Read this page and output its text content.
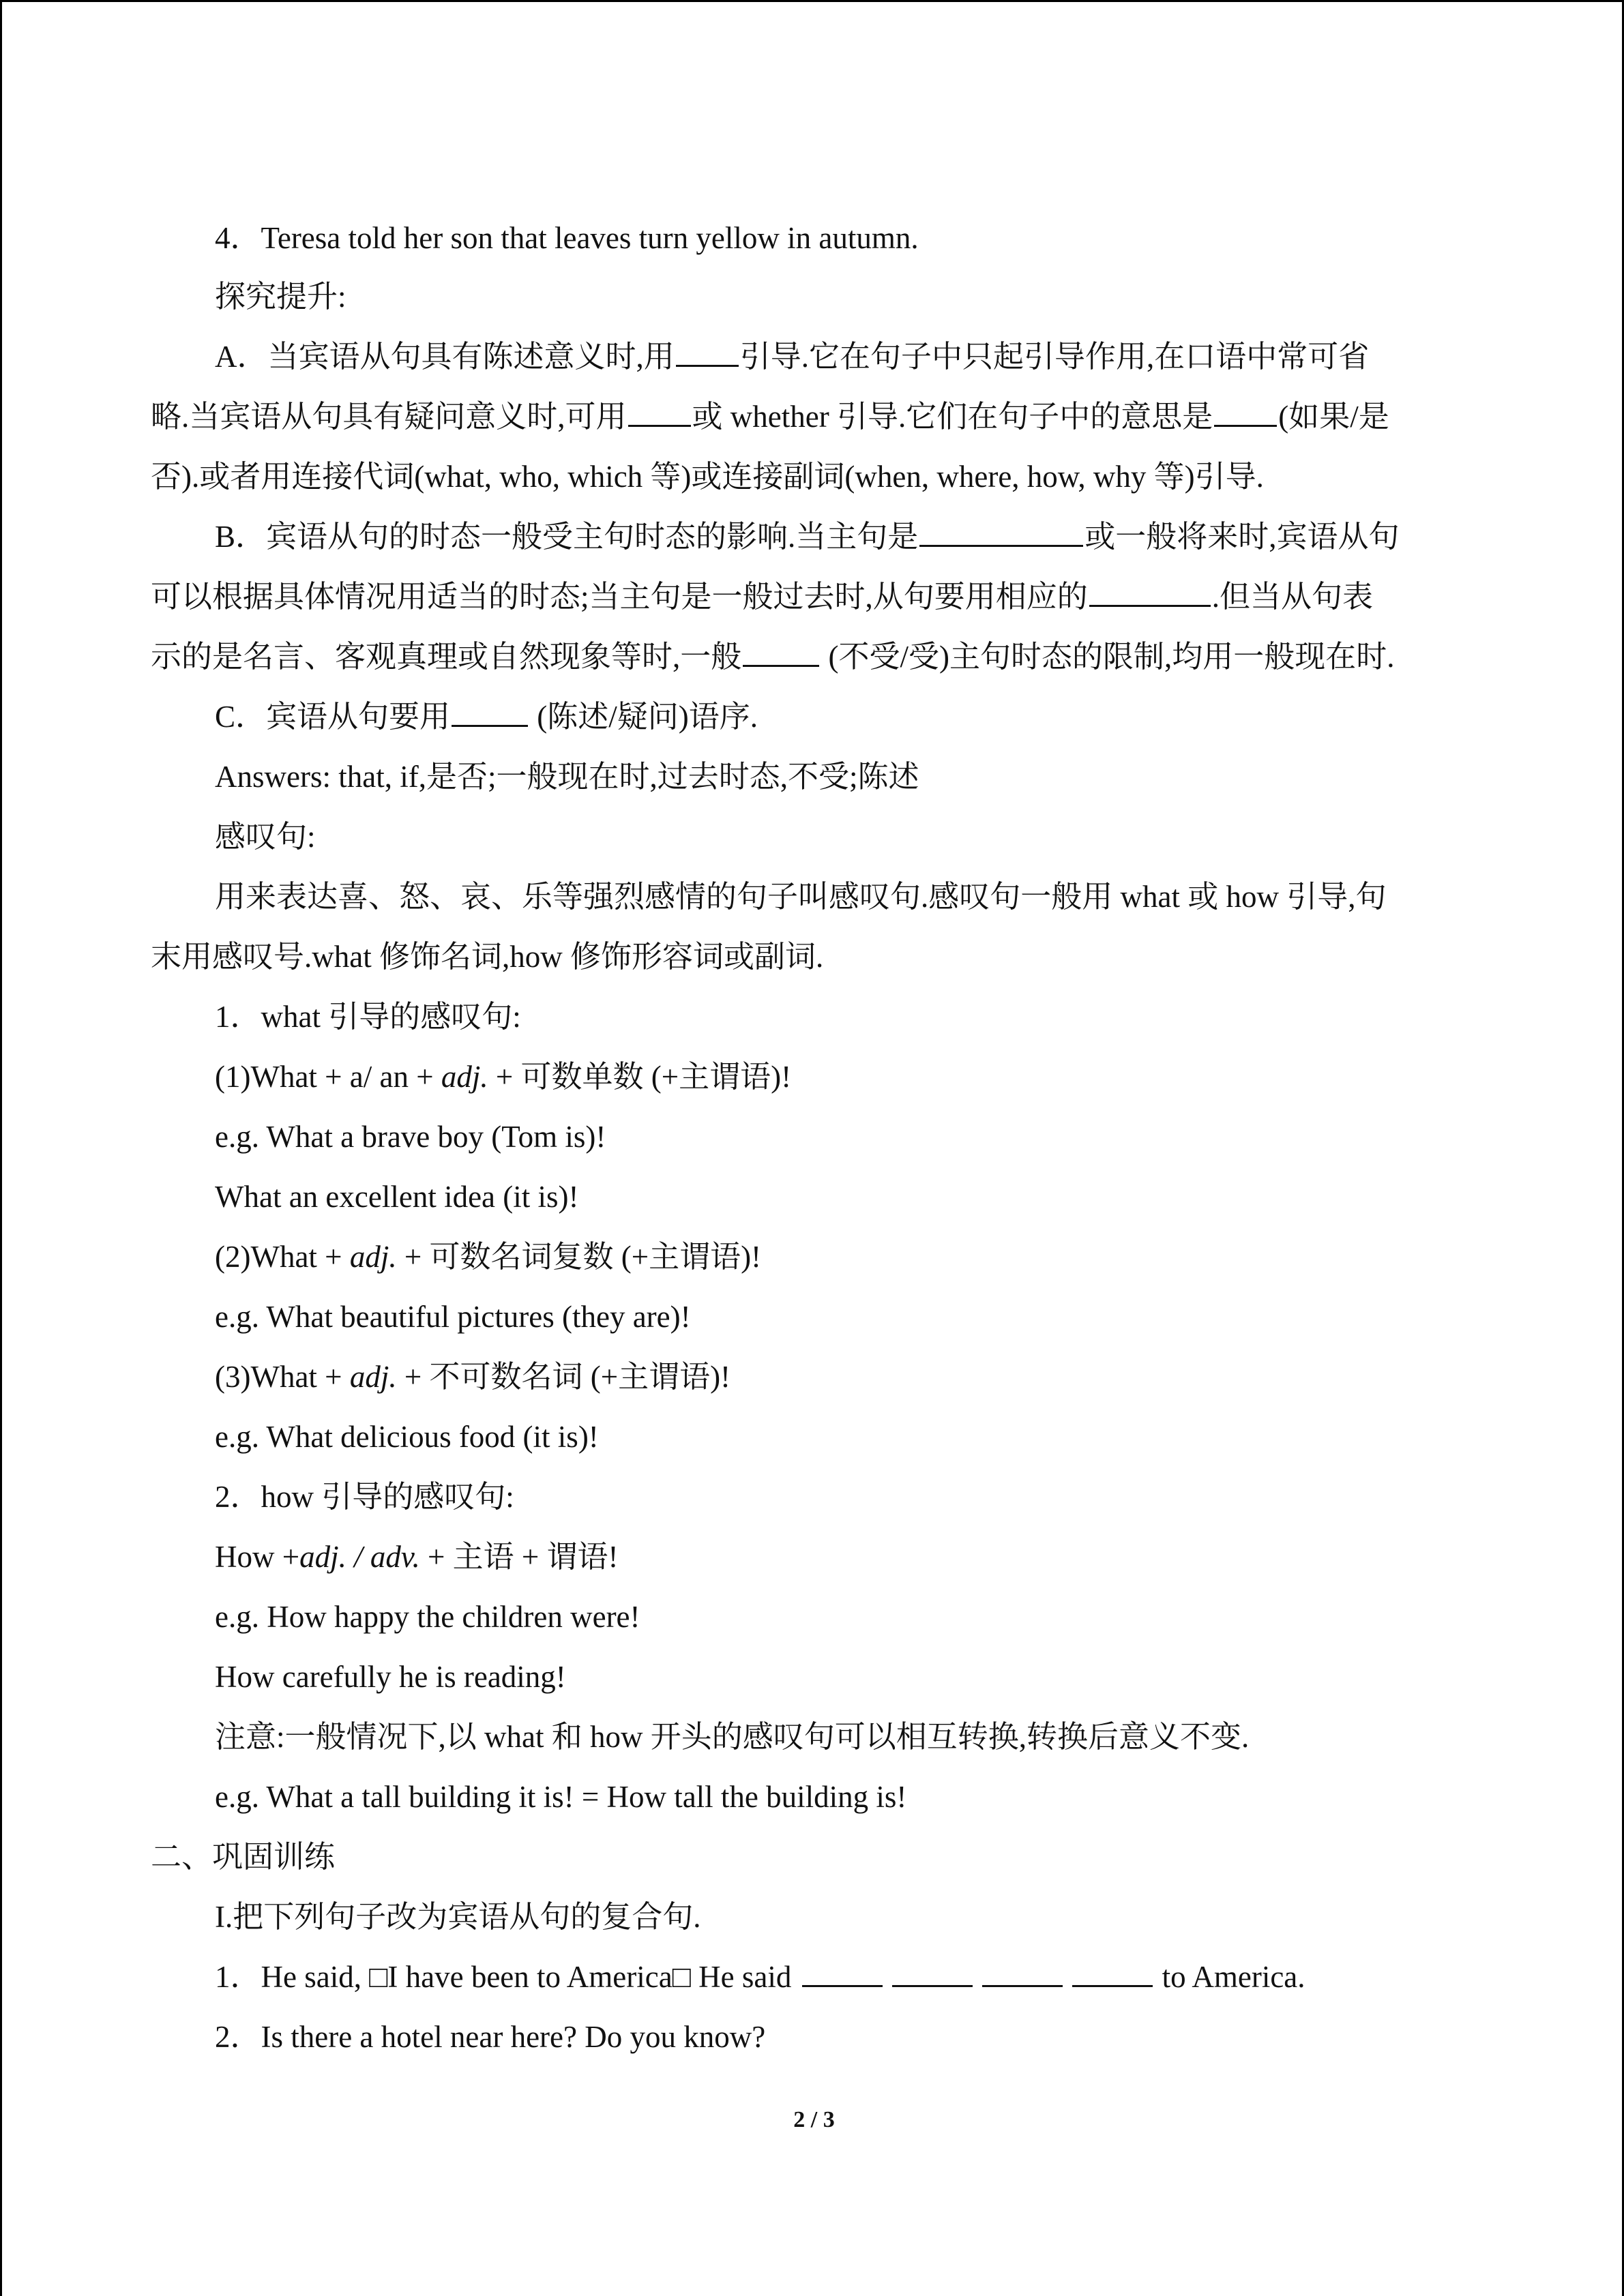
4．Teresa told her son that leaves turn yellow in autumn.
探究提升:
A．当宾语从句具有陈述意义时,用 引导.它在句子中只起引导作用,在口语中常可省
略.当宾语从句具有疑问意义时,可用 或 whether 引导.它们在句子中的意思是 (如果/是
否).或者用连接代词(what, who, which 等)或连接副词(when, where, how, why 等)引导.
B．宾语从句的时态一般受主句时态的影响.当主句是	或一般将来时,宾语从句
可以根据具体情况用适当的时态;当主句是一般过去时,从句要用相应的	.但当从句表
示的是名言、客观真理或自然现象等时,一般	(不受/受)主句时态的限制,均用一般现在时.
C．宾语从句要用	(陈述/疑问)语序.
Answers: that, if,是否;一般现在时,过去时态,不受;陈述
感叹句:
用来表达喜、怒、哀、乐等强烈感情的句子叫感叹句.感叹句一般用 what 或 how 引导,句
末用感叹号.what 修饰名词,how 修饰形容词或副词.
1．what 引导的感叹句:
(1)What + a/ an + adj. + 可数单数 (+主谓语)!
e.g. What a brave boy (Tom is)!
What an excellent idea (it is)!
(2)What + adj. + 可数名词复数 (+主谓语)!
e.g. What beautiful pictures (they are)!
(3)What + adj. + 不可数名词 (+主谓语)!
e.g. What delicious food (it is)!
2．how 引导的感叹句:
How +adj. / adv. + 主语 + 谓语!
e.g. How happy the children were!
How carefully he is reading!
注意:一般情况下,以 what 和 how 开头的感叹句可以相互转换,转换后意义不变.
e.g. What a tall building it is! = How tall the building is!
二、巩固训练
I.把下列句子改为宾语从句的复合句.
1．He said, □I have been to America□ He said	to America.
2．Is there a hotel near here? Do you know?
2 / 3
